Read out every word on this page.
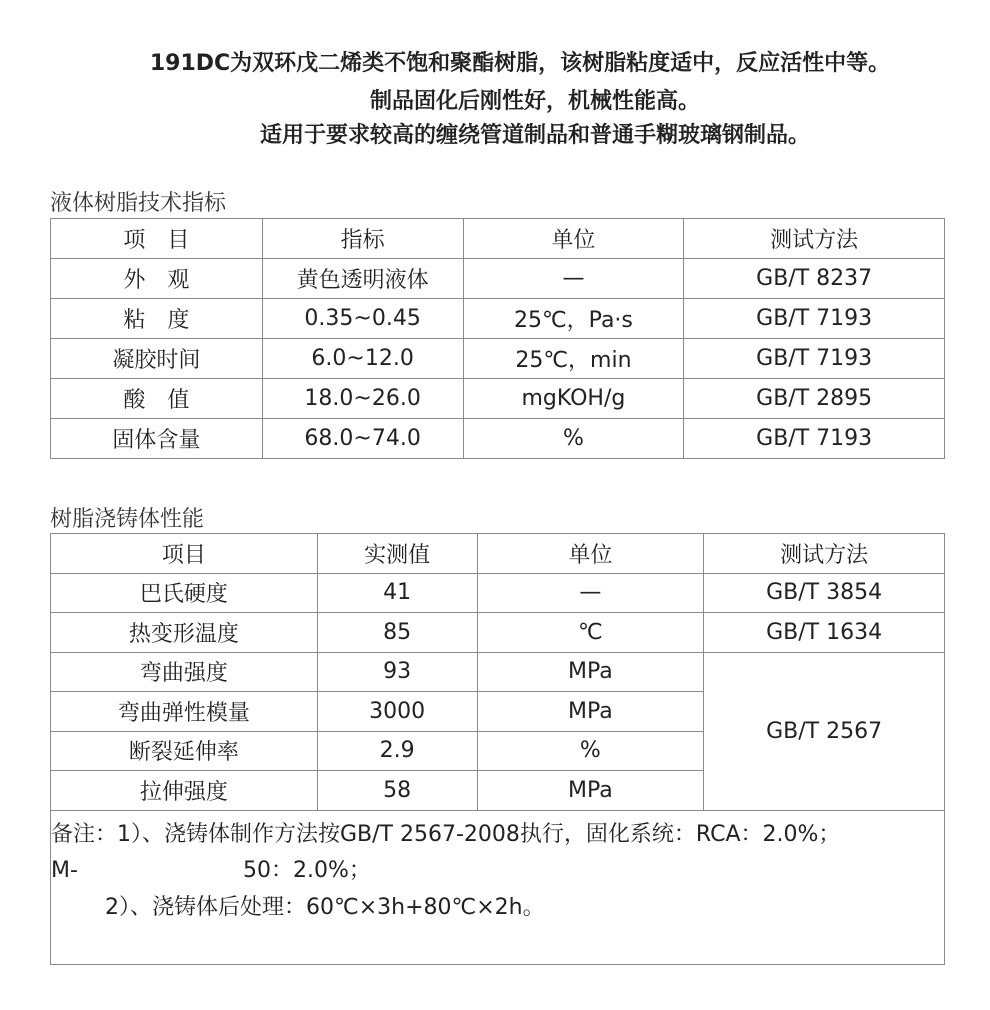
191DC为双环戊二烯类不饱和聚酯树脂，该树脂粘度适中，反应活性中等。
制品固化后刚性好，机械性能高。
适用于要求较高的缠绕管道制品和普通手糊玻璃钢制品。
液体树脂技术指标
项　目	指标	单位	测试方法
外　观	黄色透明液体	—	GB/T 8237
粘　度	0.35~0.45	25℃，Pa·s	GB/T 7193
凝胶时间	6.0~12.0	25℃，min	GB/T 7193
酸　值	18.0~26.0	mgKOH/g	GB/T 2895
固体含量	68.0~74.0	%	GB/T 7193
树脂浇铸体性能
项目	实测值	单位	测试方法
巴氏硬度	41	—	GB/T 3854
热变形温度	85	℃	GB/T 1634
弯曲强度	93	MPa	GB/T 2567
弯曲弹性模量	3000	MPa	
断裂延伸率	2.9	%	
拉伸强度	58	MPa	
备注：1）、浇铸体制作方法按GB/T 2567-2008执行，固化系统：RCA：2.0%；
M-	50：2.0%；
2）、浇铸体后处理：60℃×3h+80℃×2h。
